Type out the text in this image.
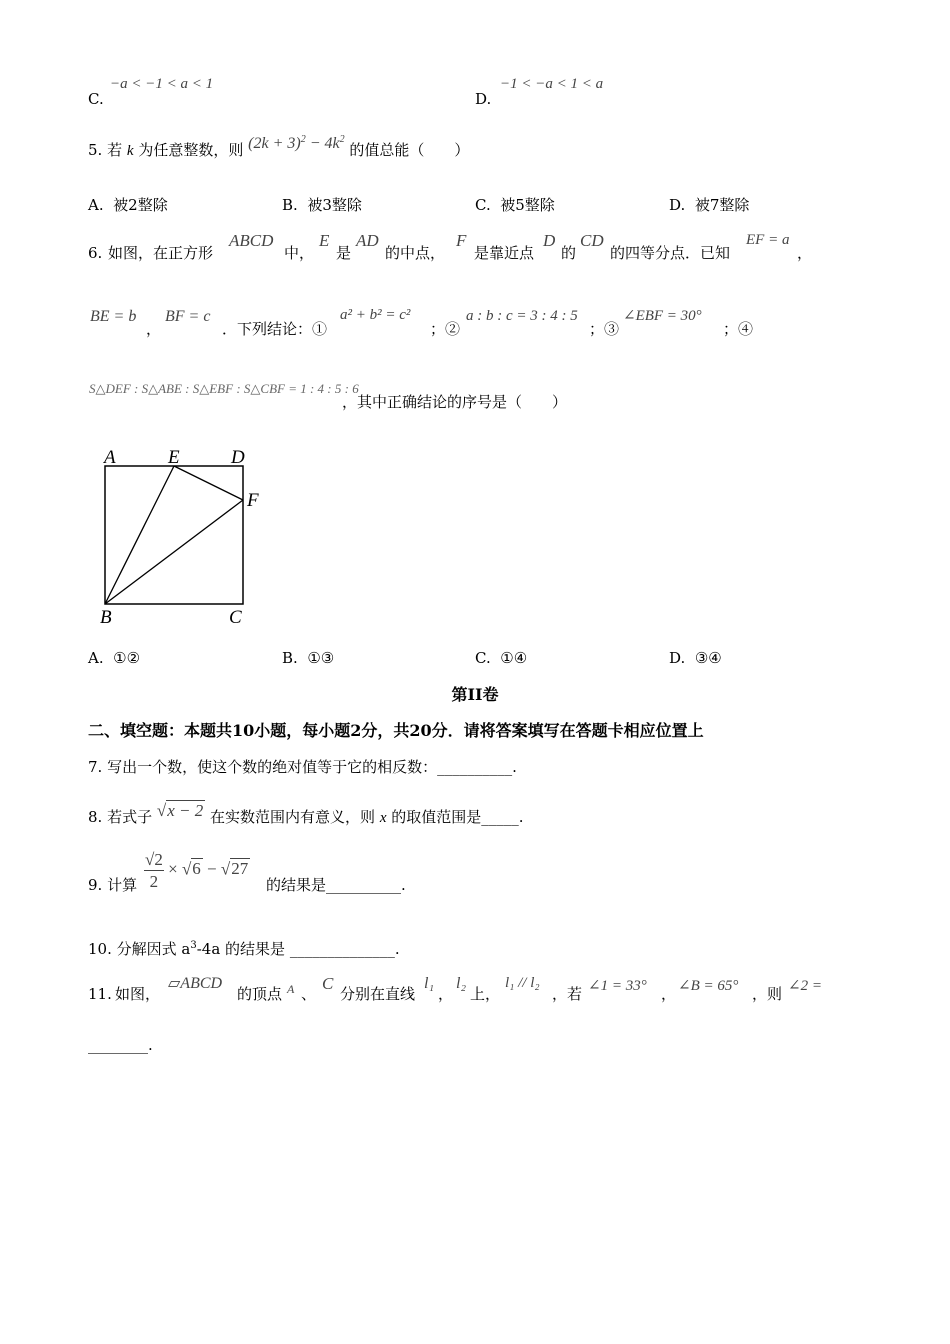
C.
−a < −1 < a < 1
D.
−1 < −a < 1 < a
5. 若 k 为任意整数，则 $(2k + 3)^2 - 4k^2$ 的值总能（　　）
A. 被2整除	B. 被3整除	C. 被5整除	D. 被7整除
6. 如图，在正方形
ABCD
中，
E
是
AD
的中点，
F
是靠近点
D
的
CD
的四等分点．已知
EF = a
，
BE = b
，
BF = c
．下列结论：①
a² + b² = c²
；②
a : b : c = 3 : 4 : 5
；③
∠EBF = 30°
；④
S△DEF : S△ABE : S△EBF : S△CBF = 1 : 4 : 5 : 6
，其中正确结论的序号是（　　）
A	E	D
F
B	C
A. ①②	B. ①③	C. ①④	D. ③④
第II卷
二、填空题：本题共10小题，每小题2分，共20分．请将答案填写在答题卡相应位置上
7. 写出一个数，使这个数的绝对值等于它的相反数：__________.
8. 若式子 √x − 2 在实数范围内有意义，则 x 的取值范围是_____.
9. 计算 $\frac{√2}{2} \times √6 - √27$
的结果是__________.
10. 分解因式 $a^3-4a$ 的结果是 ______________.
11. 如图，
▱ABCD
的顶点 A 、
C
分别在直线
l₁
，
l₂
上，
l₁ // l₂
，若 ∠1 = 33° ， ∠B = 65° ，则 ∠2 =
________.
